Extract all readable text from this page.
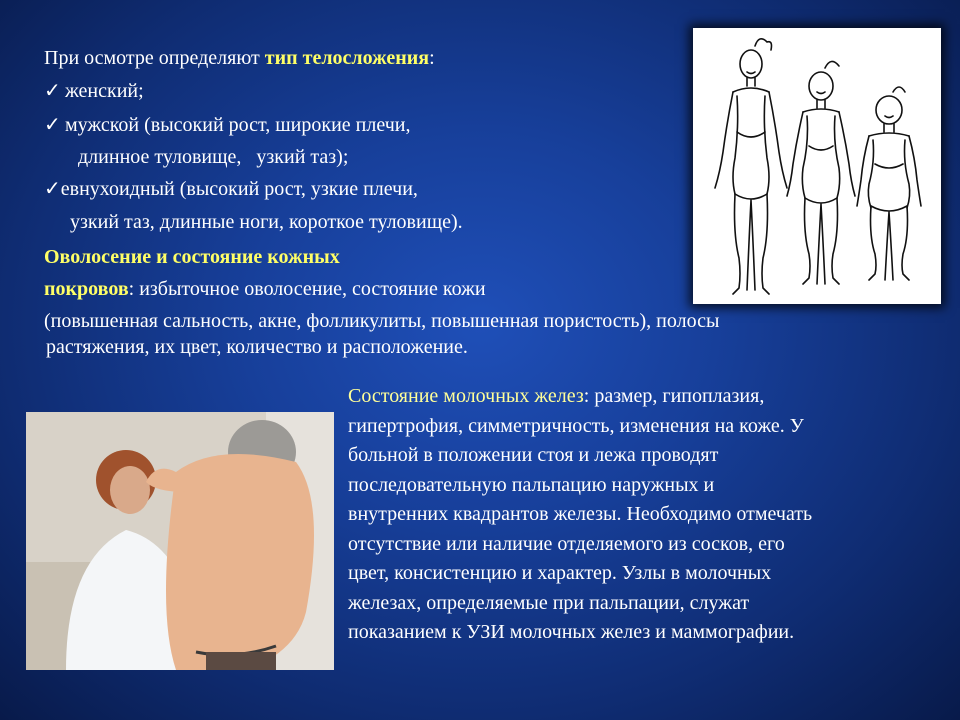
При осмотре определяют тип телосложения:
✓ женский;
✓ мужской (высокий рост, широкие плечи,
длинное туловище,   узкий таз);
✓евнухоидный (высокий рост, узкие плечи,
узкий таз, длинные ноги, короткое туловище).
Оволосение и состояние кожных
покровов: избыточное оволосение, состояние кожи
(повышенная сальность, акне, фолликулиты, повышенная пористость), полосы
растяжения, их цвет, количество и расположение.
Состояние молочных желез: размер, гипоплазия,
гипертрофия, симметричность, изменения на коже. У
больной в положении стоя и лежа проводят
последовательную пальпацию наружных и
внутренних квадрантов железы. Необходимо отмечать
отсутствие или наличие отделяемого из сосков, его
цвет, консистенцию и характер. Узлы в молочных
железах, определяемые при пальпации, служат
показанием к УЗИ молочных желез и маммографии.
